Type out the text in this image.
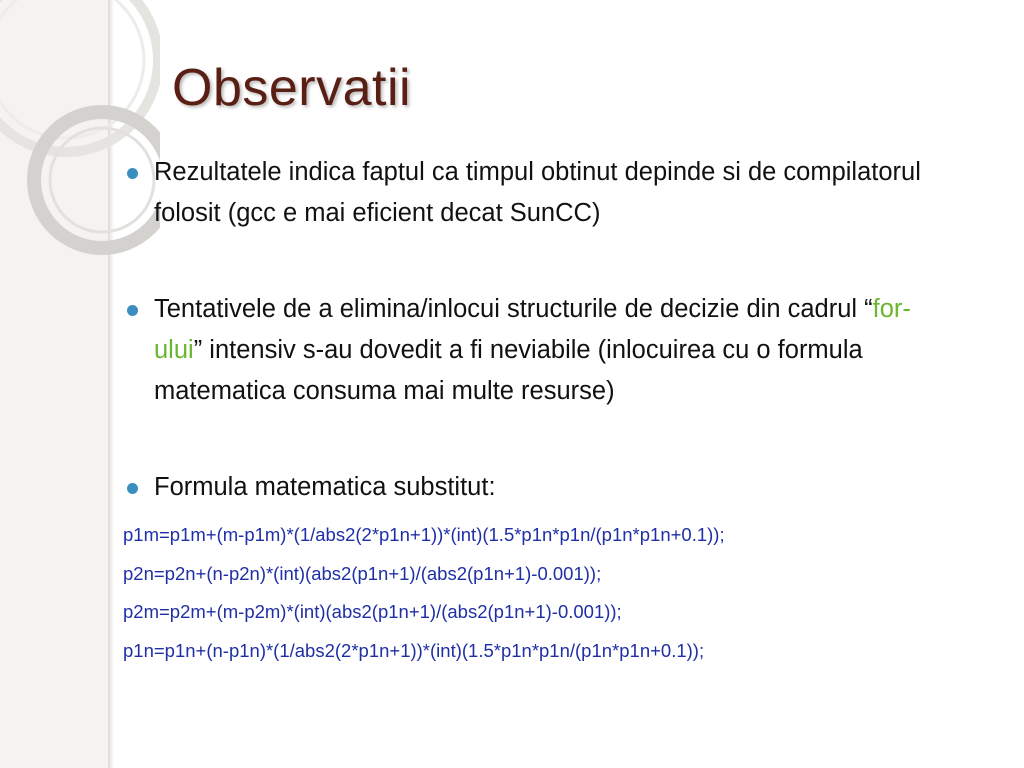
Observatii
Rezultatele indica faptul ca timpul obtinut depinde si de compilatorul folosit (gcc e mai eficient decat SunCC)
Tentativele de a elimina/inlocui structurile de decizie din cadrul “for-ului” intensiv s-au dovedit a fi neviabile (inlocuirea cu o formula matematica consuma mai multe resurse)
Formula matematica substitut:
p1m=p1m+(m-p1m)*(1/abs2(2*p1n+1))*(int)(1.5*p1n*p1n/(p1n*p1n+0.1));
p2n=p2n+(n-p2n)*(int)(abs2(p1n+1)/(abs2(p1n+1)-0.001));
p2m=p2m+(m-p2m)*(int)(abs2(p1n+1)/(abs2(p1n+1)-0.001));
p1n=p1n+(n-p1n)*(1/abs2(2*p1n+1))*(int)(1.5*p1n*p1n/(p1n*p1n+0.1));
